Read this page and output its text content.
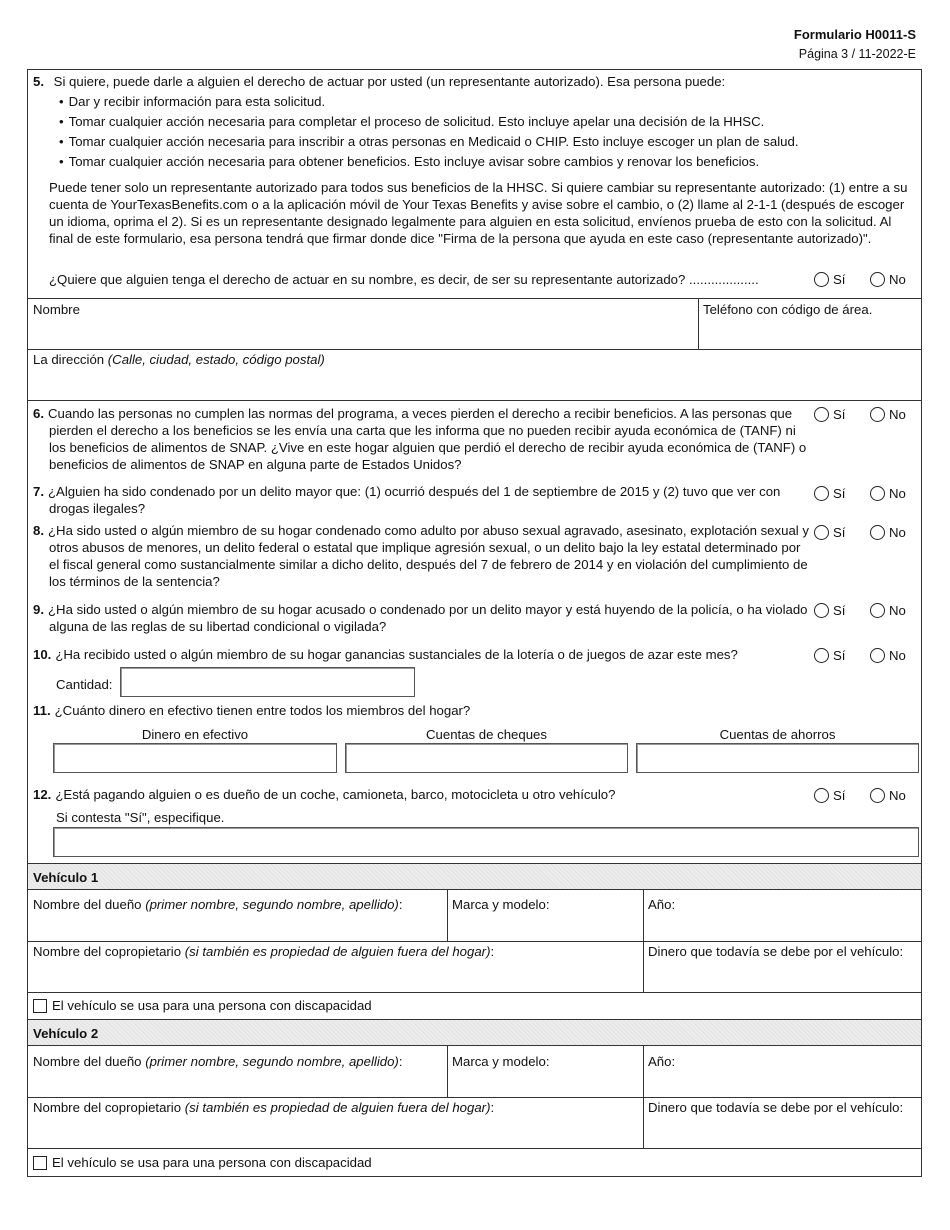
Formulario H0011-S
Página 3 / 11-2022-E
5. Si quiere, puede darle a alguien el derecho de actuar por usted (un representante autorizado). Esa persona puede:
• Dar y recibir información para esta solicitud.
• Tomar cualquier acción necesaria para completar el proceso de solicitud. Esto incluye apelar una decisión de la HHSC.
• Tomar cualquier acción necesaria para inscribir a otras personas en Medicaid o CHIP. Esto incluye escoger un plan de salud.
• Tomar cualquier acción necesaria para obtener beneficios. Esto incluye avisar sobre cambios y renovar los beneficios.
Puede tener solo un representante autorizado para todos sus beneficios de la HHSC. Si quiere cambiar su representante autorizado: (1) entre a su cuenta de YourTexasBenefits.com o a la aplicación móvil de Your Texas Benefits y avise sobre el cambio, o (2) llame al 2-1-1 (después de escoger un idioma, oprima el 2). Si es un representante designado legalmente para alguien en esta solicitud, envíenos prueba de esto con la solicitud. Al final de este formulario, esa persona tendrá que firmar donde dice "Firma de la persona que ayuda en este caso (representante autorizado)".
¿Quiere que alguien tenga el derecho de actuar en su nombre, es decir, de ser su representante autorizado? ...................	Sí	No
Nombre	Teléfono con código de área.
La dirección (Calle, ciudad, estado, código postal)
6. Cuando las personas no cumplen las normas del programa, a veces pierden el derecho a recibir beneficios. A las personas que pierden el derecho a los beneficios se les envía una carta que les informa que no pueden recibir ayuda económica de (TANF) ni los beneficios de alimentos de SNAP. ¿Vive en este hogar alguien que perdió el derecho de recibir ayuda económica de (TANF) o beneficios de alimentos de SNAP en alguna parte de Estados Unidos?
Sí	No
7. ¿Alguien ha sido condenado por un delito mayor que: (1) ocurrió después del 1 de septiembre de 2015 y (2) tuvo que ver con drogas ilegales?
Sí	No
8. ¿Ha sido usted o algún miembro de su hogar condenado como adulto por abuso sexual agravado, asesinato, explotación sexual y otros abusos de menores, un delito federal o estatal que implique agresión sexual, o un delito bajo la ley estatal determinado por el fiscal general como sustancialmente similar a dicho delito, después del 7 de febrero de 2014 y en violación del cumplimiento de los términos de la sentencia?
Sí	No
9. ¿Ha sido usted o algún miembro de su hogar acusado o condenado por un delito mayor y está huyendo de la policía, o ha violado alguna de las reglas de su libertad condicional o vigilada?
Sí	No
10. ¿Ha recibido usted o algún miembro de su hogar ganancias sustanciales de la lotería o de juegos de azar este mes?	Sí	No
Cantidad:
11. ¿Cuánto dinero en efectivo tienen entre todos los miembros del hogar?
Dinero en efectivo	Cuentas de cheques	Cuentas de ahorros
12. ¿Está pagando alguien o es dueño de un coche, camioneta, barco, motocicleta u otro vehículo?	Sí	No
Si contesta "Sí", especifique.
Vehículo 1
Nombre del dueño (primer nombre, segundo nombre, apellido):	Marca y modelo:	Año:
Nombre del copropietario (si también es propiedad de alguien fuera del hogar):	Dinero que todavía se debe por el vehículo:
El vehículo se usa para una persona con discapacidad
Vehículo 2
Nombre del dueño (primer nombre, segundo nombre, apellido):	Marca y modelo:	Año:
Nombre del copropietario (si también es propiedad de alguien fuera del hogar):	Dinero que todavía se debe por el vehículo:
El vehículo se usa para una persona con discapacidad
